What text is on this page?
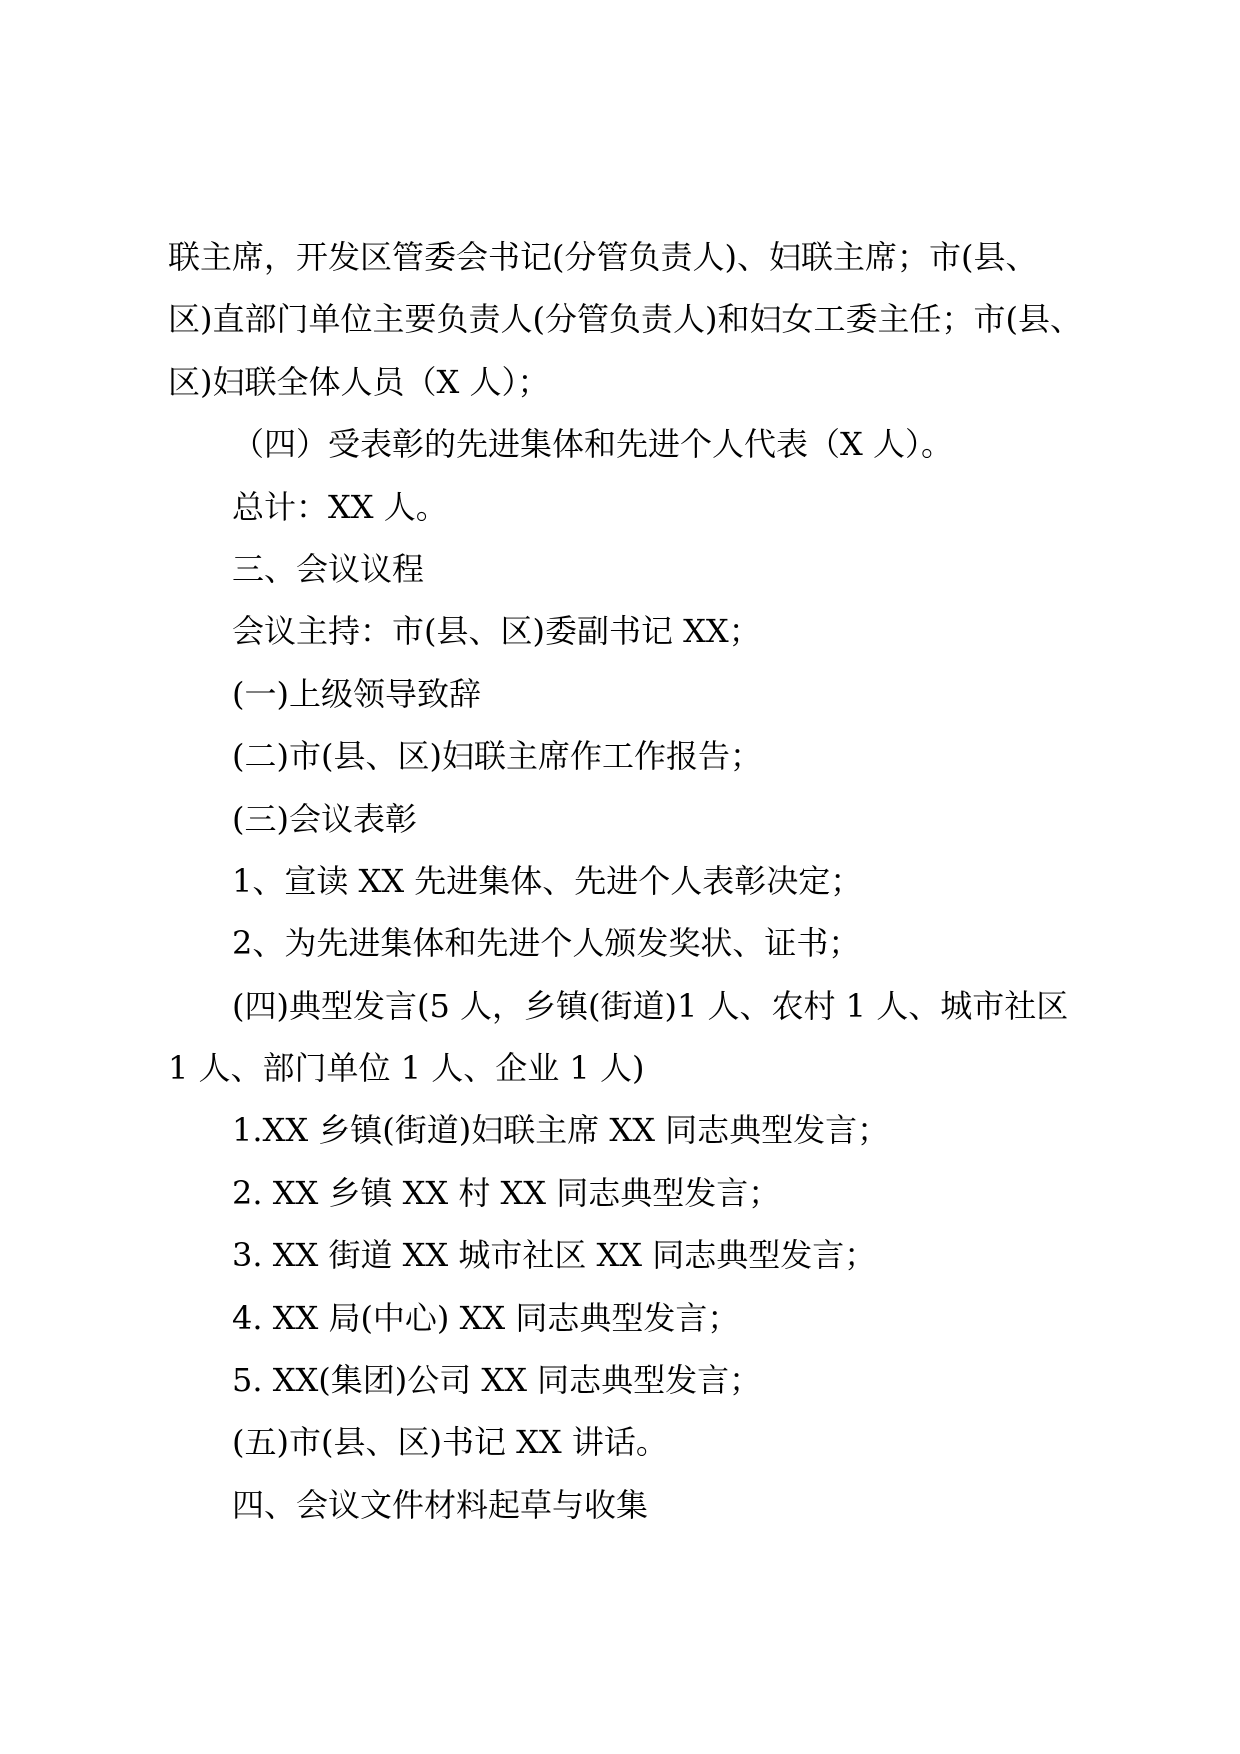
联主席，开发区管委会书记(分管负责人)、妇联主席；市(县、
区)直部门单位主要负责人(分管负责人)和妇女工委主任；市(县、
区)妇联全体人员（X 人）；
（四）受表彰的先进集体和先进个人代表（X 人）。
总计：XX 人。
三、会议议程
会议主持：市(县、区)委副书记 XX；
(一)上级领导致辞
(二)市(县、区)妇联主席作工作报告；
(三)会议表彰
1、宣读 XX 先进集体、先进个人表彰决定；
2、为先进集体和先进个人颁发奖状、证书；
(四)典型发言(5 人，乡镇(街道)1 人、农村 1 人、城市社区
1 人、部门单位 1 人、企业 1 人)
1.XX 乡镇(街道)妇联主席 XX 同志典型发言；
2. XX 乡镇 XX 村 XX 同志典型发言；
3. XX 街道 XX 城市社区 XX 同志典型发言；
4. XX 局(中心) XX 同志典型发言；
5. XX(集团)公司 XX 同志典型发言；
(五)市(县、区)书记 XX 讲话。
四、会议文件材料起草与收集
